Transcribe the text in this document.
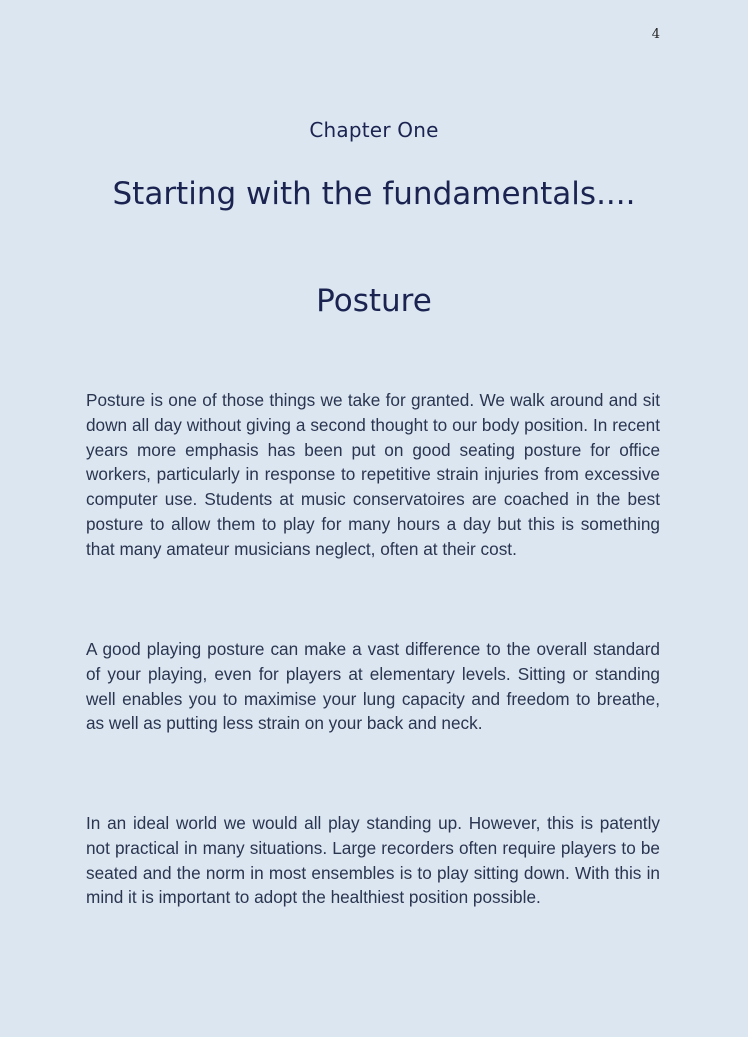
4
Chapter One
Starting with the fundamentals....
Posture

Posture is one of those things we take for granted. We walk around and sit down all day without giving a second thought to our body position. In recent years more emphasis has been put on good seating posture for office workers, particularly in response to repetitive strain injuries from excessive computer use. Students at music conservatoires are coached in the best posture to allow them to play for many hours a day but this is something that many amateur musicians neglect, often at their cost.

A good playing posture can make a vast difference to the overall standard of your playing, even for players at elementary levels. Sitting or standing well enables you to maximise your lung capacity and freedom to breathe, as well as putting less strain on your back and neck.

In an ideal world we would all play standing up. However, this is patently not practical in many situations. Large recorders often require players to be seated and the norm in most ensembles is to play sitting down. With this in mind it is important to adopt the healthiest position possible.
